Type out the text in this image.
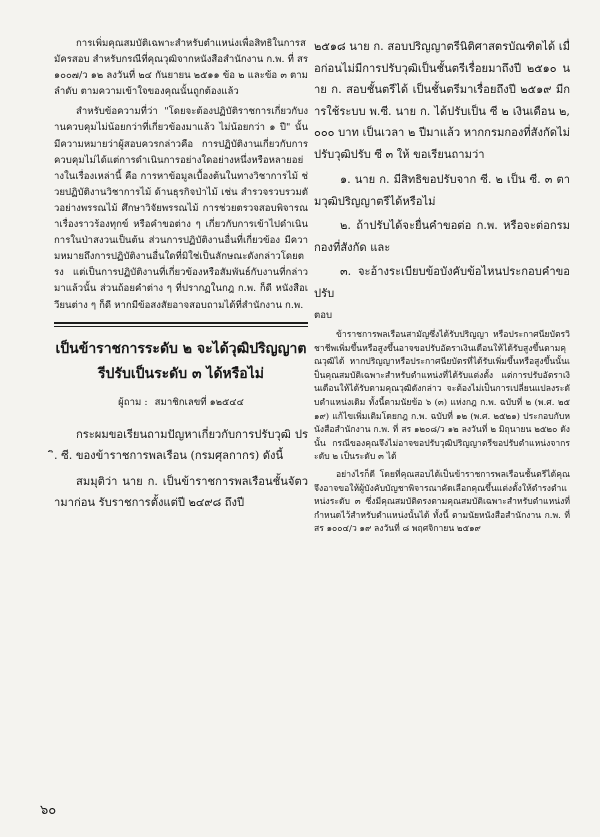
การเพิ่มคุณสมบัติเฉพาะสำหรับตำแหน่งเพื่อสิทธิในการสมัครสอบ สำหรับกรณีที่คุณวุฒิจากหนังสือสำนักงาน ก.พ. ที่ สร ๑๐๐๗/ว ๑๒ ลงวันที่ ๒๔ กันยายน ๒๕๑๑ ข้อ ๒ และข้อ ๓ ตามลำดับ ตามความเข้าใจของคุณนั้นถูกต้องแล้ว

สำหรับข้อความที่ว่า "โดยจะต้องปฏิบัติราชการเกี่ยวกับงานควบคุมไม่น้อยกว่าที่เกี่ยวข้องมาแล้ว ไม่น้อยกว่า ๑ ปี" นั้น มีความหมายว่าผู้สอบควรกล่าวคือ การปฏิบัติงานเกี่ยวกับการควบคุมไม่ได้แต่การดำเนินการอย่างใดอย่างหนึ่งหรือหลายอย่างในเรื่องเหล่านี้ คือ การหาข้อมูลเบื้องต้นในทางวิชาการไม้ ช่วยปฏิบัติงานวิชาการไม้ ด้านธุรกิจป่าไม้ เช่น สำรวจรวบรวมตัวอย่างพรรณไม้ ศึกษาวิจัยพรรณไม้ การช่วยตรวจสอบพิจารณาเรื่องราวร้องทุกข์ หรือคำขอต่าง ๆ เกี่ยวกับการเข้าไปดำเนินการในป่าสงวนเป็นต้น ส่วนการปฏิบัติงานอื่นที่เกี่ยวข้อง มีความหมายถึงการปฏิบัติงานอื่นใดที่มิใช่เป็นลักษณะดังกล่าวโดยตรง แต่เป็นการปฏิบัติงานที่เกี่ยวข้องหรือสัมพันธ์กับงานที่กล่าวมาแล้วนั้น ส่วนถ้อยคำต่าง ๆ ที่ปรากฏในกฎ ก.พ. ก็ดี หนังสือเวียนต่าง ๆ ก็ดี หากมีข้อสงสัยอาจสอบถามได้ที่สำนักงาน ก.พ.

เป็นข้าราชการระดับ ๒ จะได้วุฒิปริญญาตรีปรับเป็นระดับ ๓ ได้หรือไม่
ผู้ถาม : สมาชิกเลขที่ ๑๒๕๔๔

กระผมขอเรียนถามปัญหาเกี่ยวกับการปรับวุฒิ ปริ. ซี. ของข้าราชการพลเรือน (กรมศุลกากร) ดังนี้

สมมุติว่า นาย ก. เป็นข้าราชการพลเรือนชั้นจัตวามาก่อน รับราชการตั้งแต่ปี ๒๔๙๘ ถึงปี

๒๕๑๘ นาย ก. สอบปริญญาตรีนิติศาสตรบัณฑิตได้ เมื่อก่อนไม่มีการปรับวุฒิเป็นชั้นตรีเรื่อยมาถึงปี ๒๕๑๐ นาย ก. สอบชั้นตรีได้ เป็นชั้นตรีมาเรื่อยถึงปี ๒๕๑๙ มีการใช้ระบบ พ.ซี. นาย ก. ได้ปรับเป็น ซี ๒ เงินเดือน ๒,๐๐๐ บาท เป็นเวลา ๒ ปีมาแล้ว หากกรมกองที่สังกัดไม่ปรับวุฒิปรับ ซี ๓ ให้ ขอเรียนถามว่า

๑. นาย ก. มีสิทธิขอปรับจาก ซี. ๒ เป็น ซี. ๓ ตามวุฒิปริญญาตรีได้หรือไม่

๒. ถ้าปรับได้จะยื่นคำขอต่อ ก.พ. หรือจะต่อกรมกองที่สังกัด และ

๓. จะอ้างระเบียบข้อบังคับข้อไหนประกอบคำขอปรับ

ตอบ

ข้าราชการพลเรือนสามัญซึ่งได้รับปริญญา หรือประกาศนียบัตรวิชาชีพเพิ่มขึ้นหรือสูงขึ้นอาจขอปรับอัตราเงินเดือนให้ได้รับสูงขึ้นตามคุณวุฒิได้ หากปริญญาหรือประกาศนียบัตรที่ได้รับเพิ่มขึ้นหรือสูงขึ้นนั้นเป็นคุณสมบัติเฉพาะสำหรับตำแหน่งที่ได้รับแต่งตั้ง แต่การปรับอัตราเงินเดือนให้ได้รับตามคุณวุฒิดังกล่าว จะต้องไม่เป็นการเปลี่ยนแปลงระดับตำแหน่งเดิม ทั้งนี้ตามนัยข้อ ๖ (๓) แห่งกฎ ก.พ. ฉบับที่ ๒ (พ.ศ. ๒๕๑๙) แก้ไขเพิ่มเติมโดยกฎ ก.พ. ฉบับที่ ๑๒ (พ.ศ. ๒๕๒๑) ประกอบกับหนังสือสำนักงาน ก.พ. ที่ สร ๑๒๐๘/ว ๑๒ ลงวันที่ ๒ มิถุนายน ๒๕๒๐ ดังนั้น กรณีของคุณจึงไม่อาจขอปรับวุฒิปริญญาตรีขอปรับตำแหน่งจากระดับ ๒ เป็นระดับ ๓ ได้

อย่างไรก็ดี โดยที่คุณสอบได้เป็นข้าราชการพลเรือนชั้นตรีได้คุณจึงอาจขอให้ผู้บังคับบัญชาพิจารณาคัดเลือกคุณขึ้นแต่งตั้งให้ดำรงตำแหน่งระดับ ๓ ซึ่งมีคุณสมบัติตรงตามคุณสมบัติเฉพาะสำหรับตำแหน่งที่กำหนดไว้สำหรับตำแหน่งนั้นได้ ทั้งนี้ ตามนัยหนังสือสำนักงาน ก.พ. ที่ สร ๑๐๐๔/ว ๑๙ ลงวันที่ ๘ พฤศจิกายน ๒๕๑๙

๖๐
